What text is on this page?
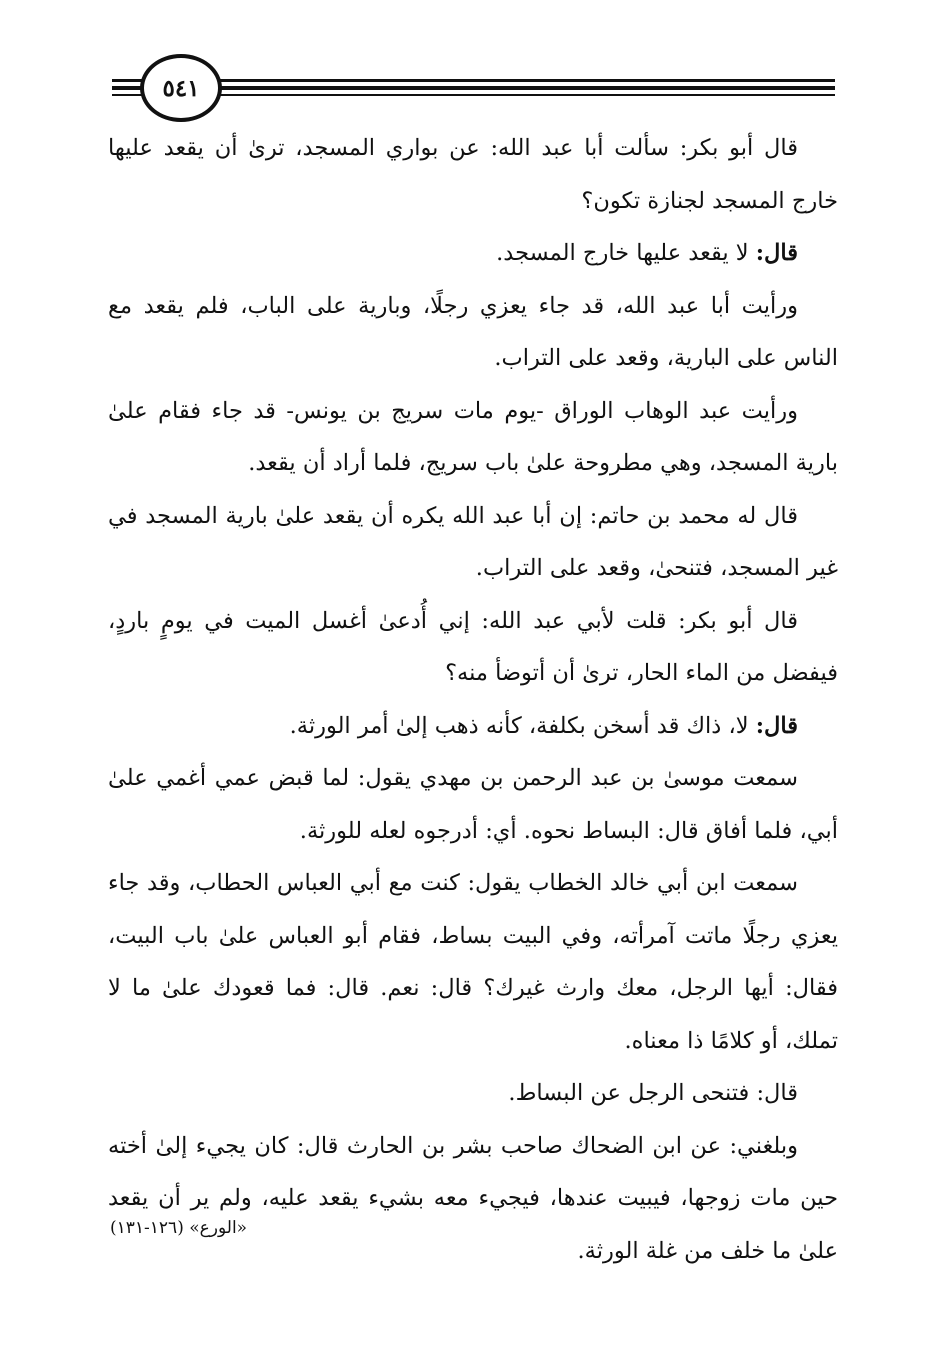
٥٤١

قال أبو بكر: سألت أبا عبد الله: عن بواري المسجد، ترىٰ أن يقعد عليها خارج المسجد لجنازة تكون؟

قال: لا يقعد عليها خارج المسجد.

ورأيت أبا عبد الله، قد جاء يعزي رجلًا، وبارية على الباب، فلم يقعد مع الناس على البارية، وقعد على التراب.

ورأيت عبد الوهاب الوراق -يوم مات سريج بن يونس- قد جاء فقام علىٰ بارية المسجد، وهي مطروحة علىٰ باب سريج، فلما أراد أن يقعد.

قال له محمد بن حاتم: إن أبا عبد الله يكره أن يقعد علىٰ بارية المسجد في غير المسجد، فتنحىٰ، وقعد على التراب.

قال أبو بكر: قلت لأبي عبد الله: إني أُدعىٰ أغسل الميت في يومٍ باردٍ، فيفضل من الماء الحار، ترىٰ أن أتوضأ منه؟

قال: لا، ذاك قد أسخن بكلفة، كأنه ذهب إلىٰ أمر الورثة.

سمعت موسىٰ بن عبد الرحمن بن مهدي يقول: لما قبض عمي أغمي علىٰ أبي، فلما أفاق قال: البساط نحوه. أي: أدرجوه لعله للورثة.

سمعت ابن أبي خالد الخطاب يقول: كنت مع أبي العباس الحطاب، وقد جاء يعزي رجلًا ماتت آمرأته، وفي البيت بساط، فقام أبو العباس علىٰ باب البيت، فقال: أيها الرجل، معك وارث غيرك؟ قال: نعم. قال: فما قعودك علىٰ ما لا تملك، أو كلامًا ذا معناه.

قال: فتنحى الرجل عن البساط.

وبلغني: عن ابن الضحاك صاحب بشر بن الحارث قال: كان يجيء إلىٰ أخته حين مات زوجها، فيبيت عندها، فيجيء معه بشيء يقعد عليه، ولم ير أن يقعد علىٰ ما خلف من غلة الورثة.

«الورع» (١٢٦-١٣١)
